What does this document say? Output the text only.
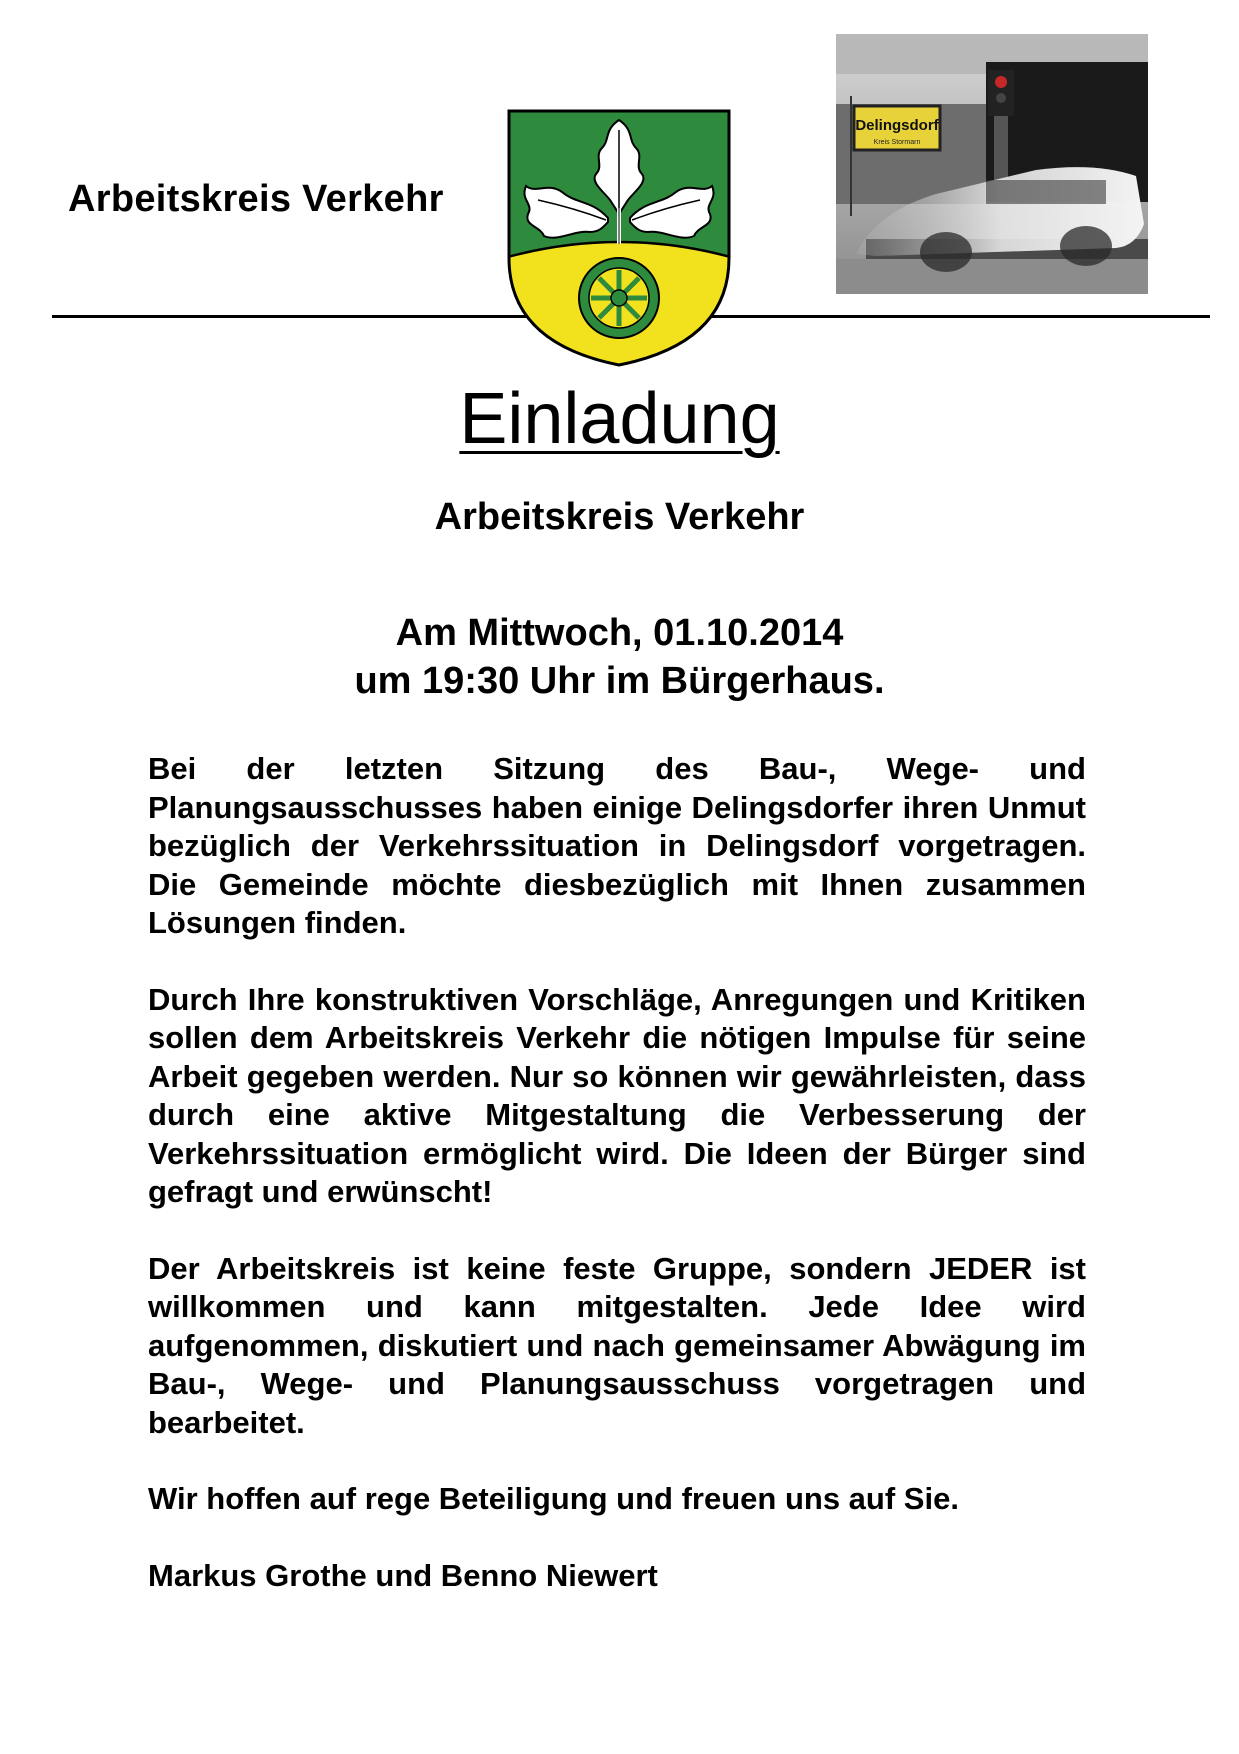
Arbeitskreis Verkehr
Delingsdorf
Kreis Stormarn
Einladung
Arbeitskreis Verkehr
Am Mittwoch, 01.10.2014
um 19:30 Uhr im Bürgerhaus.

Bei der letzten Sitzung des Bau-, Wege- und Planungsausschusses haben einige Delingsdorfer ihren Unmut bezüglich der Verkehrssituation in Delingsdorf vorgetragen. Die Gemeinde möchte diesbezüglich mit Ihnen zusammen Lösungen finden.

Durch Ihre konstruktiven Vorschläge, Anregungen und Kritiken sollen dem Arbeitskreis Verkehr die nötigen Impulse für seine Arbeit gegeben werden. Nur so können wir gewährleisten, dass durch eine aktive Mitgestaltung die Verbesserung der Verkehrssituation ermöglicht wird. Die Ideen der Bürger sind gefragt und erwünscht!

Der Arbeitskreis ist keine feste Gruppe, sondern JEDER ist willkommen und kann mitgestalten. Jede Idee wird aufgenommen, diskutiert und nach gemeinsamer Abwägung im Bau-, Wege- und Planungsausschuss vorgetragen und bearbeitet.

Wir hoffen auf rege Beteiligung und freuen uns auf Sie.

Markus Grothe und Benno Niewert
